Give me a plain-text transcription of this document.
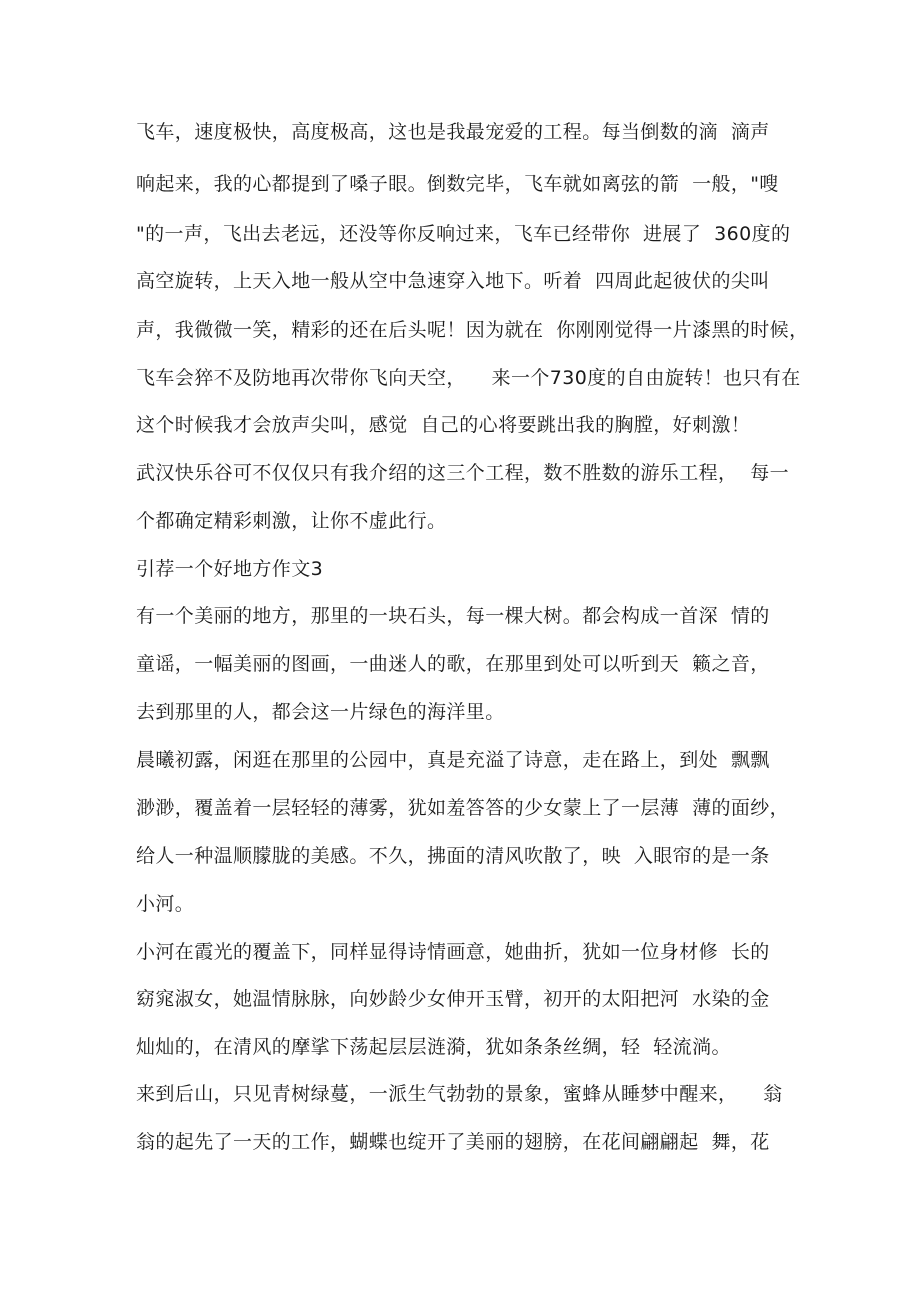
飞车，速度极快，高度极高，这也是我最宠爱的工程。每当倒数的滴  滴声
响起来，我的心都提到了嗓子眼。倒数完毕，飞车就如离弦的箭  一般，"嗖
"的一声，飞出去老远，还没等你反响过来，飞车已经带你  进展了  360度的
高空旋转，上天入地一般从空中急速穿入地下。听着  四周此起彼伏的尖叫
声，我微微一笑，精彩的还在后头呢！因为就在  你刚刚觉得一片漆黑的时候，
飞车会猝不及防地再次带你飞向天空，    来一个730度的自由旋转！也只有在
这个时候我才会放声尖叫，感觉  自己的心将要跳出我的胸膛，好刺激！
武汉快乐谷可不仅仅只有我介绍的这三个工程，数不胜数的游乐工程，  每一
个都确定精彩刺激，让你不虚此行。
引荐一个好地方作文3
有一个美丽的地方，那里的一块石头，每一棵大树。都会构成一首深  情的
童谣，一幅美丽的图画，一曲迷人的歌，在那里到处可以听到天  籁之音，
去到那里的人，都会这一片绿色的海洋里。
晨曦初露，闲逛在那里的公园中，真是充溢了诗意，走在路上，到处  飘飘
渺渺，覆盖着一层轻轻的薄雾，犹如羞答答的少女蒙上了一层薄  薄的面纱，
给人一种温顺朦胧的美感。不久，拂面的清风吹散了，映  入眼帘的是一条
小河。
小河在霞光的覆盖下，同样显得诗情画意，她曲折，犹如一位身材修  长的
窈窕淑女，她温情脉脉，向妙龄少女伸开玉臂，初开的太阳把河  水染的金
灿灿的，在清风的摩挲下荡起层层涟漪，犹如条条丝绸，轻  轻流淌。
来到后山，只见青树绿蔓，一派生气勃勃的景象，蜜蜂从睡梦中醒来，    翁
翁的起先了一天的工作，蝴蝶也绽开了美丽的翅膀，在花间翩翩起  舞，花
